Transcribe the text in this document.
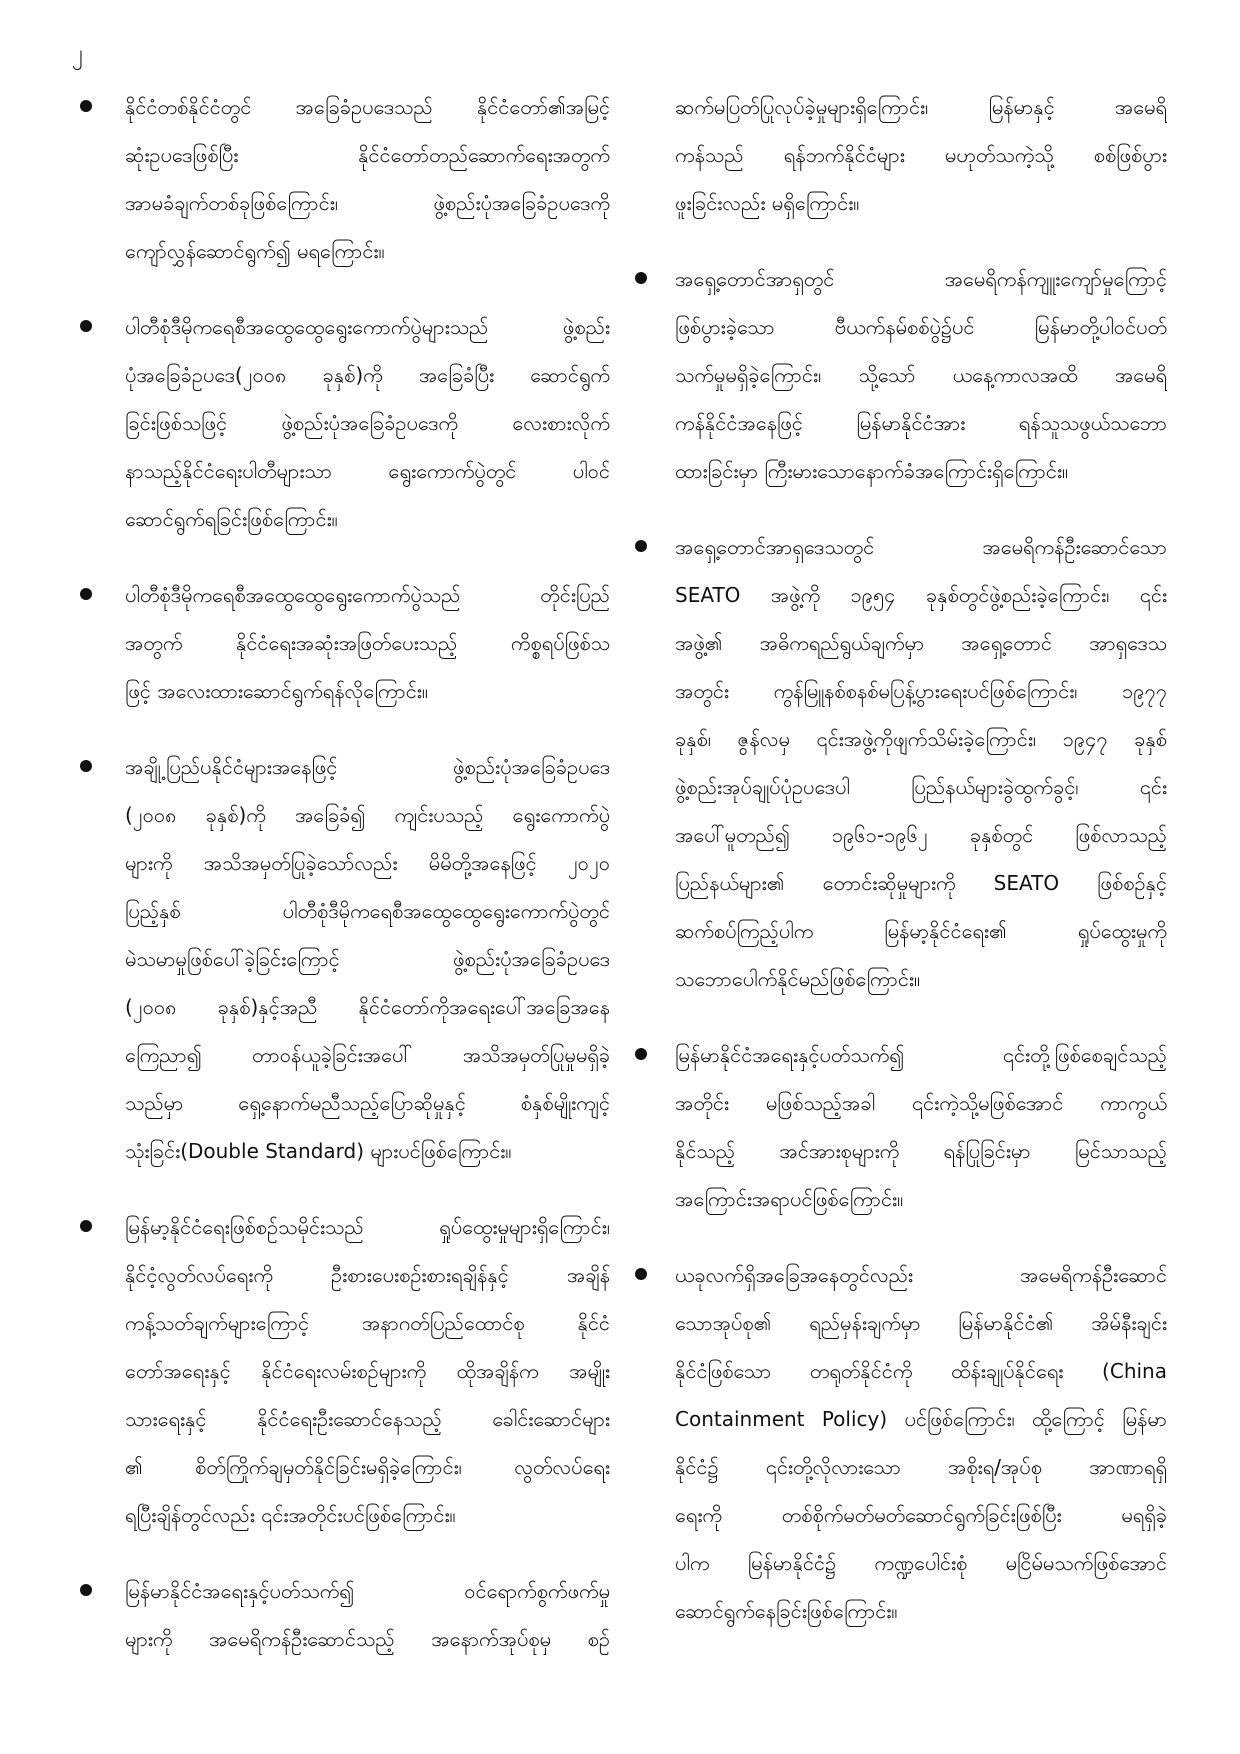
၂
နိုင်ငံတစ်နိုင်ငံတွင် အခြေခံဥပဒေသည် နိုင်ငံတော်၏အမြင့်
ဆုံးဥပဒေဖြစ်ပြီး နိုင်ငံတော်တည်ဆောက်ရေးအတွက်
အာမခံချက်တစ်ခုဖြစ်ကြောင်း၊ ဖွဲ့စည်းပုံအခြေခံဥပဒေကို
ကျော်လွှန်ဆောင်ရွက်၍ မရကြောင်း။
ပါတီစုံဒီမိုကရေစီအထွေထွေရွေးကောက်ပွဲများသည် ဖွဲ့စည်း
ပုံအခြေခံဥပဒေ(၂၀၀၈ ခုနှစ်)ကို အခြေခံပြီး ဆောင်ရွက်
ခြင်းဖြစ်သဖြင့် ဖွဲ့စည်းပုံအခြေခံဥပဒေကို လေးစားလိုက်
နာသည့်နိုင်ငံရေးပါတီများသာ ရွေးကောက်ပွဲတွင် ပါဝင်
ဆောင်ရွက်ရခြင်းဖြစ်ကြောင်း။
ပါတီစုံဒီမိုကရေစီအထွေထွေရွေးကောက်ပွဲသည် တိုင်းပြည်
အတွက် နိုင်ငံရေးအဆုံးအဖြတ်ပေးသည့် ကိစ္စရပ်ဖြစ်သ
ဖြင့် အလေးထားဆောင်ရွက်ရန်လိုကြောင်း။
အချို့ပြည်ပနိုင်ငံများအနေဖြင့် ဖွဲ့စည်းပုံအခြေခံဥပဒေ
(၂၀၀၈ ခုနှစ်)ကို အခြေခံ၍ ကျင်းပသည့် ရွေးကောက်ပွဲ
များကို အသိအမှတ်ပြုခဲ့သော်လည်း မိမိတို့အနေဖြင့် ၂၀၂၀
ပြည့်နှစ် ပါတီစုံဒီမိုကရေစီအထွေထွေရွေးကောက်ပွဲတွင်
မဲသမာမှုဖြစ်ပေါ်ခဲ့ခြင်းကြောင့် ဖွဲ့စည်းပုံအခြေခံဥပဒေ
(၂၀၀၈ ခုနှစ်)နှင့်အညီ နိုင်ငံတော်ကိုအရေးပေါ်အခြေအနေ
ကြေညာ၍ တာဝန်ယူခဲ့ခြင်းအပေါ် အသိအမှတ်ပြုမှုမရှိခဲ့
သည်မှာ ရှေ့နောက်မညီသည့်ပြောဆိုမှုနှင့် စံနှစ်မျိုးကျင့်
သုံးခြင်း(Double Standard) များပင်ဖြစ်ကြောင်း။
မြန်မာ့နိုင်ငံရေးဖြစ်စဉ်သမိုင်းသည် ရှုပ်ထွေးမှုများရှိကြောင်း၊
နိုင်ငံ့လွတ်လပ်ရေးကို ဦးစားပေးစဉ်းစားရချိန်နှင့် အချိန်
ကန့်သတ်ချက်များကြောင့် အနာဂတ်ပြည်ထောင်စု နိုင်ငံ
တော်အရေးနှင့် နိုင်ငံရေးလမ်းစဉ်များကို ထိုအချိန်က အမျိုး
သားရေးနှင့် နိုင်ငံရေးဦးဆောင်နေသည့် ခေါင်းဆောင်များ
၏ စိတ်ကြိုက်ချမှတ်နိုင်ခြင်းမရှိခဲ့ကြောင်း၊ လွတ်လပ်ရေး
ရပြီးချိန်တွင်လည်း ၎င်းအတိုင်းပင်ဖြစ်ကြောင်း။
မြန်မာနိုင်ငံအရေးနှင့်ပတ်သက်၍ ဝင်ရောက်စွက်ဖက်မှု
များကို အမေရိကန်ဦးဆောင်သည့် အနောက်အုပ်စုမှ စဉ်
ဆက်မပြတ်ပြုလုပ်ခဲ့မှုများရှိကြောင်း၊ မြန်မာနှင့် အမေရိ
ကန်သည် ရန်ဘက်နိုင်ငံများ မဟုတ်သကဲ့သို့ စစ်ဖြစ်ပွား
ဖူးခြင်းလည်း မရှိကြောင်း။
အရှေ့တောင်အာရှတွင် အမေရိကန်ကျူးကျော်မှုကြောင့်
ဖြစ်ပွားခဲ့သော ဗီယက်နမ်စစ်ပွဲ၌ပင် မြန်မာတို့ပါဝင်ပတ်
သက်မှုမရှိခဲ့ကြောင်း၊ သို့သော် ယနေ့ကာလအထိ အမေရိ
ကန်နိုင်ငံအနေဖြင့် မြန်မာနိုင်ငံအား ရန်သူသဖွယ်သဘော
ထားခြင်းမှာ ကြီးမားသောနောက်ခံအကြောင်းရှိကြောင်း။
အရှေ့တောင်အာရှဒေသတွင် အမေရိကန်ဦးဆောင်သော
SEATO အဖွဲ့ကို ၁၉၅၄ ခုနှစ်တွင်ဖွဲ့စည်းခဲ့ကြောင်း၊ ၎င်း
အဖွဲ့၏ အဓိကရည်ရွယ်ချက်မှာ အရှေ့တောင် အာရှဒေသ
အတွင်း ကွန်မြူနစ်စနစ်မပြန့်ပွားရေးပင်ဖြစ်ကြောင်း၊ ၁၉၇၇
ခုနှစ်၊ ဇွန်လမှ ၎င်းအဖွဲ့ကိုဖျက်သိမ်းခဲ့ကြောင်း၊ ၁၉၄၇ ခုနှစ်
ဖွဲ့စည်းအုပ်ချုပ်ပုံဥပဒေပါ ပြည်နယ်များခွဲထွက်ခွင့်၊ ၎င်း
အပေါ်မူတည်၍ ၁၉၆၁-၁၉၆၂ ခုနှစ်တွင် ဖြစ်လာသည့်
ပြည်နယ်များ၏ တောင်းဆိုမှုများကို SEATO ဖြစ်စဉ်နှင့်
ဆက်စပ်ကြည့်ပါက မြန်မာ့နိုင်ငံရေး၏ ရှုပ်ထွေးမှုကို
သဘောပေါက်နိုင်မည်ဖြစ်ကြောင်း။
မြန်မာနိုင်ငံအရေးနှင့်ပတ်သက်၍ ၎င်းတို့ဖြစ်စေချင်သည့်
အတိုင်း မဖြစ်သည့်အခါ ၎င်းကဲ့သို့မဖြစ်အောင် ကာကွယ်
နိုင်သည့် အင်အားစုများကို ရန်ပြုခြင်းမှာ မြင်သာသည့်
အကြောင်းအရာပင်ဖြစ်ကြောင်း။
ယခုလက်ရှိအခြေအနေတွင်လည်း အမေရိကန်ဦးဆောင်
သောအုပ်စု၏ ရည်မှန်းချက်မှာ မြန်မာနိုင်ငံ၏ အိမ်နီးချင်း
နိုင်ငံဖြစ်သော တရုတ်နိုင်ငံကို ထိန်းချုပ်နိုင်ရေး (China
Containment Policy) ပင်ဖြစ်ကြောင်း၊ ထို့ကြောင့် မြန်မာ
နိုင်ငံ၌ ၎င်းတို့လိုလားသော အစိုးရ/အုပ်စု အာဏာရရှိ
ရေးကို တစ်စိုက်မတ်မတ်ဆောင်ရွက်ခြင်းဖြစ်ပြီး မရရှိခဲ့
ပါက မြန်မာနိုင်ငံ၌ ကဏ္ဍပေါင်းစုံ မငြိမ်မသက်ဖြစ်အောင်
ဆောင်ရွက်နေခြင်းဖြစ်ကြောင်း။
